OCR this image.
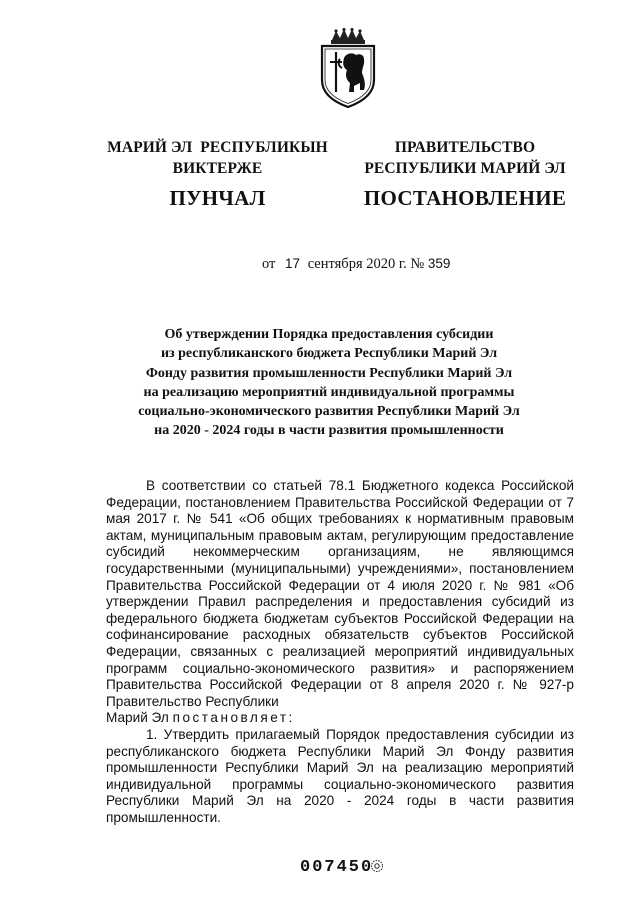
МАРИЙ ЭЛ  РЕСПУБЛИКЫН
ВИКТЕРЖЕ
ПУНЧАЛ
ПРАВИТЕЛЬСТВО
РЕСПУБЛИКИ МАРИЙ ЭЛ
ПОСТАНОВЛЕНИЕ
от 17 сентября 2020 г. № 359
Об утверждении Порядка предоставления субсидии
из республиканского бюджета Республики Марий Эл
Фонду развития промышленности Республики Марий Эл
на реализацию мероприятий индивидуальной программы
социально-экономического развития Республики Марий Эл
на 2020 - 2024 годы в части развития промышленности
В соответствии со статьей 78.1 Бюджетного кодекса Российской Федерации, постановлением Правительства Российской Федерации от 7 мая 2017 г. № 541 «Об общих требованиях к нормативным правовым актам, муниципальным правовым актам, регулирующим предоставление субсидий некоммерческим организациям, не являющимся государственными (муниципальными) учреждениями», постановлением Правительства Российской Федерации от 4 июля 2020 г. № 981 «Об утверждении Правил распределения и предоставления субсидий из федерального бюджета бюджетам субъектов Российской Федерации на софинансирование расходных обязательств субъектов Российской Федерации, связанных с реализацией мероприятий индивидуальных программ социально-экономического развития» и распоряжением Правительства Российской Федерации от 8 апреля 2020 г. № 927-р Правительство Республики
Марий Эл постановляет:
1. Утвердить прилагаемый Порядок предоставления субсидии из республиканского бюджета Республики Марий Эл Фонду развития промышленности Республики Марий Эл на реализацию мероприятий индивидуальной программы социально-экономического развития Республики Марий Эл на 2020 - 2024 годы в части развития промышленности.
007450
